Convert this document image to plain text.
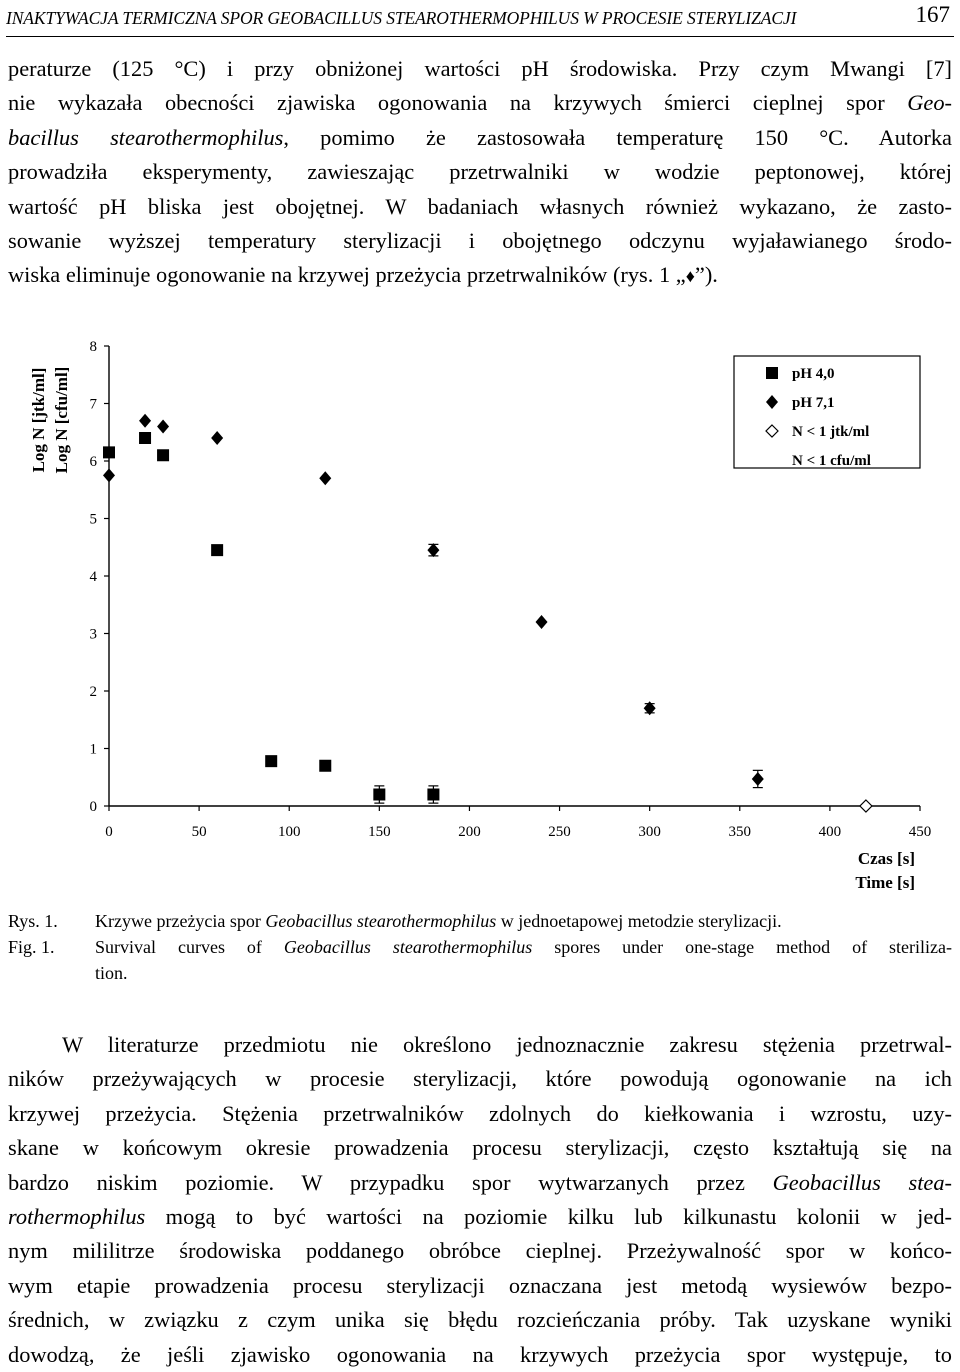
INAKTYWACJA TERMICZNA SPOR GEOBACILLUS STEAROTHERMOPHILUS W PROCESIE STERYLIZACJI	167
peraturze (125 °C) i przy obniżonej wartości pH środowiska. Przy czym Mwangi [7]
nie wykazała obecności zjawiska ogonowania na krzywych śmierci cieplnej spor Geo-
bacillus stearothermophilus, pomimo że zastosowała temperaturę 150 °C. Autorka
prowadziła eksperymenty, zawieszając przetrwalniki w wodzie peptonowej, której
wartość pH bliska jest obojętnej. W badaniach własnych również wykazano, że zasto-
sowanie wyższej temperatury sterylizacji i obojętnego odczynu wyjaławianego środo-
wiska eliminuje ogonowanie na krzywej przeżycia przetrwalników (rys. 1 „♦”).
0
1
2
3
4
5
6
7
8
0	50	100	150	200	250	300	350	400	450
pH 4,0
pH 7,1
N < 1 jtk/ml
N < 1 cfu/ml
Log N [jtk/ml] Log N [cfu/ml]
Czas [s]
Time [s]
Rys. 1. Krzywe przeżycia spor Geobacillus stearothermophilus w jednoetapowej metodzie sterylizacji.
Fig. 1. Survival curves of Geobacillus stearothermophilus spores under one-stage method of steriliza-
tion.
W literaturze przedmiotu nie określono jednoznacznie zakresu stężenia przetrwal-
ników przeżywających w procesie sterylizacji, które powodują ogonowanie na ich
krzywej przeżycia. Stężenia przetrwalników zdolnych do kiełkowania i wzrostu, uzy-
skane w końcowym okresie prowadzenia procesu sterylizacji, często kształtują się na
bardzo niskim poziomie. W przypadku spor wytwarzanych przez Geobacillus stea-
rothermophilus mogą to być wartości na poziomie kilku lub kilkunastu kolonii w jed-
nym mililitrze środowiska poddanego obróbce cieplnej. Przeżywalność spor w końco-
wym etapie prowadzenia procesu sterylizacji oznaczana jest metodą wysiewów bezpo-
średnich, w związku z czym unika się błędu rozcieńczania próby. Tak uzyskane wyniki
dowodzą, że jeśli zjawisko ogonowania na krzywych przeżycia spor występuje, to
